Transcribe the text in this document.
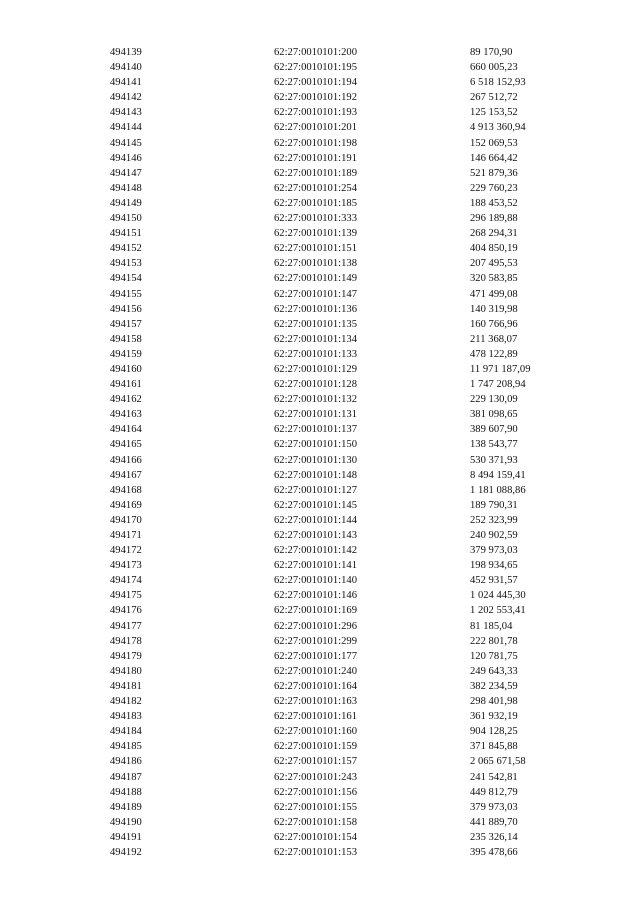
494139	62:27:0010101:200	89 170,90
494140	62:27:0010101:195	660 005,23
494141	62:27:0010101:194	6 518 152,93
494142	62:27:0010101:192	267 512,72
494143	62:27:0010101:193	125 153,52
494144	62:27:0010101:201	4 913 360,94
494145	62:27:0010101:198	152 069,53
494146	62:27:0010101:191	146 664,42
494147	62:27:0010101:189	521 879,36
494148	62:27:0010101:254	229 760,23
494149	62:27:0010101:185	188 453,52
494150	62:27:0010101:333	296 189,88
494151	62:27:0010101:139	268 294,31
494152	62:27:0010101:151	404 850,19
494153	62:27:0010101:138	207 495,53
494154	62:27:0010101:149	320 583,85
494155	62:27:0010101:147	471 499,08
494156	62:27:0010101:136	140 319,98
494157	62:27:0010101:135	160 766,96
494158	62:27:0010101:134	211 368,07
494159	62:27:0010101:133	478 122,89
494160	62:27:0010101:129	11 971 187,09
494161	62:27:0010101:128	1 747 208,94
494162	62:27:0010101:132	229 130,09
494163	62:27:0010101:131	381 098,65
494164	62:27:0010101:137	389 607,90
494165	62:27:0010101:150	138 543,77
494166	62:27:0010101:130	530 371,93
494167	62:27:0010101:148	8 494 159,41
494168	62:27:0010101:127	1 181 088,86
494169	62:27:0010101:145	189 790,31
494170	62:27:0010101:144	252 323,99
494171	62:27:0010101:143	240 902,59
494172	62:27:0010101:142	379 973,03
494173	62:27:0010101:141	198 934,65
494174	62:27:0010101:140	452 931,57
494175	62:27:0010101:146	1 024 445,30
494176	62:27:0010101:169	1 202 553,41
494177	62:27:0010101:296	81 185,04
494178	62:27:0010101:299	222 801,78
494179	62:27:0010101:177	120 781,75
494180	62:27:0010101:240	249 643,33
494181	62:27:0010101:164	382 234,59
494182	62:27:0010101:163	298 401,98
494183	62:27:0010101:161	361 932,19
494184	62:27:0010101:160	904 128,25
494185	62:27:0010101:159	371 845,88
494186	62:27:0010101:157	2 065 671,58
494187	62:27:0010101:243	241 542,81
494188	62:27:0010101:156	449 812,79
494189	62:27:0010101:155	379 973,03
494190	62:27:0010101:158	441 889,70
494191	62:27:0010101:154	235 326,14
494192	62:27:0010101:153	395 478,66
